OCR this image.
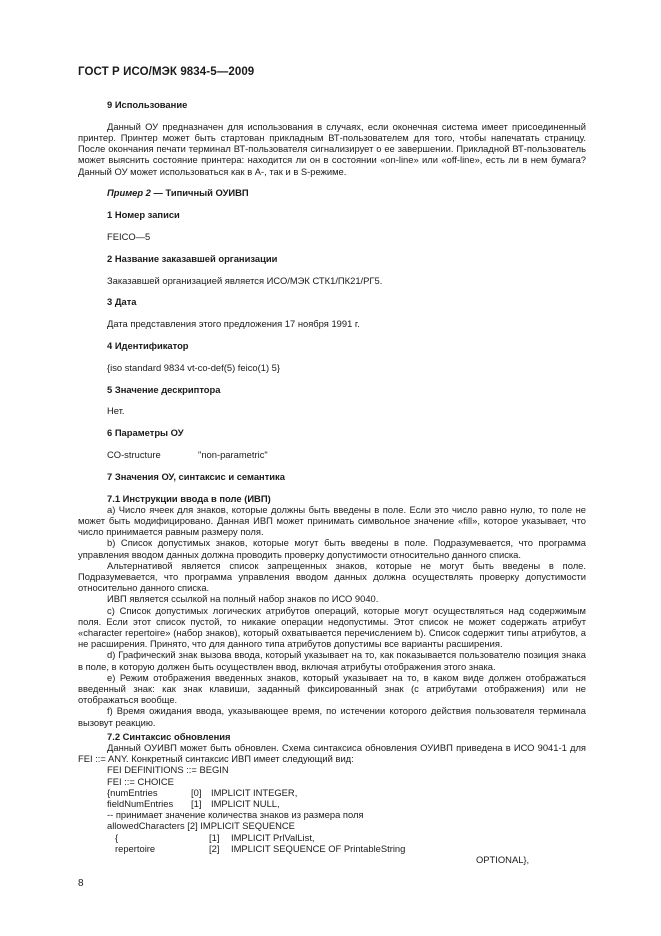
ГОСТ Р ИСО/МЭК 9834-5—2009
9 Использование

Данный ОУ предназначен для использования в случаях, если оконечная система имеет присоединенный принтер. Принтер может быть стартован прикладным ВТ-пользователем для того, чтобы напечатать страницу. После окончания печати терминал ВТ-пользователя сигнализирует о ее завершении. Прикладной ВТ-пользователь может выяснить состояние принтера: находится ли он в состоянии «on-line» или «off-line», есть ли в нем бумага? Данный ОУ может использоваться как в А-, так и в S-режиме.

Пример 2 — Типичный ОУИВП
1 Номер записи
FEICO—5
2 Название заказавшей организации
Заказавшей организацией является ИСО/МЭК СТК1/ПК21/РГ5.
3 Дата
Дата представления этого предложения 17 ноября 1991 г.
4 Идентификатор
{iso standard 9834 vt-co-def(5) feico(1) 5}
5 Значение дескриптора
Нет.
6 Параметры ОУ
CO-structure	"non-parametric"
7 Значения ОУ, синтаксис и семантика
7.1 Инструкции ввода в поле (ИВП)

а) Число ячеек для знаков, которые должны быть введены в поле. Если это число равно нулю, то поле не может быть модифицировано. Данная ИВП может принимать символьное значение «fill», которое указывает, что число принимается равным размеру поля.

b) Список допустимых знаков, которые могут быть введены в поле. Подразумевается, что программа управления вводом данных должна проводить проверку допустимости относительно данного списка.

Альтернативой является список запрещенных знаков, которые не могут быть введены в поле. Подразумевается, что программа управления вводом данных должна осуществлять проверку допустимости относительно данного списка.

ИВП является ссылкой на полный набор знаков по ИСО 9040.

с) Список допустимых логических атрибутов операций, которые могут осуществляться над содержимым поля. Если этот список пустой, то никакие операции недопустимы. Этот список не может содержать атрибут «character repertoire» (набор знаков), который охватывается перечислением b). Список содержит типы атрибутов, а не расширения. Принято, что для данного типа атрибутов допустимы все варианты расширения.

d) Графический знак вызова ввода, который указывает на то, как показывается пользователю позиция знака в поле, в которую должен быть осуществлен ввод, включая атрибуты отображения этого знака.

е) Режим отображения введенных знаков, который указывает на то, в каком виде должен отображаться введенный знак: как знак клавиши, заданный фиксированный знак (с атрибутами отображения) или не отображаться вообще.

f) Время ожидания ввода, указывающее время, по истечении которого действия пользователя терминала вызовут реакцию.

7.2 Синтаксис обновления

Данный ОУИВП может быть обновлен. Схема синтаксиса обновления ОУИВП приведена в ИСО 9041-1 для FEI ::= ANY. Конкретный синтаксис ИВП имеет следующий вид:

FEI DEFINITIONS ::= BEGIN
FEI ::= CHOICE
{numEntries	[0] IMPLICIT INTEGER,
fieldNumEntries [1] IMPLICIT NULL,
-- принимает значение количества знаков из размера поля
allowedCharacters [2] IMPLICIT SEQUENCE
{	[1] IMPLICIT PrlValList,
repertoire	[2] IMPLICIT SEQUENCE OF PrintableString
OPTIONAL},
8
